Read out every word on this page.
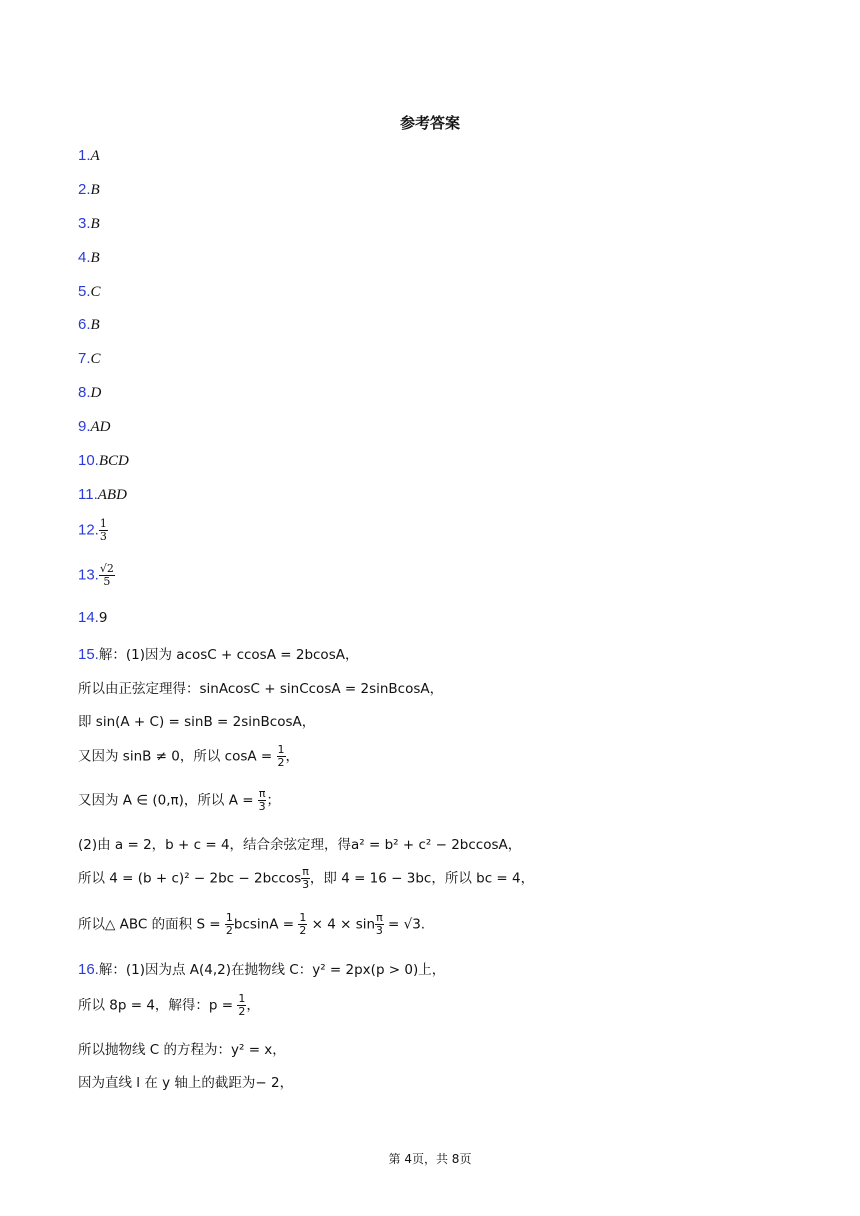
参考答案
1.A
2.B
3.B
4.B
5.C
6.B
7.C
8.D
9.AD
10.BCD
11.ABD
12. $\frac{1}{3}$
13. $\frac{√2}{5}$
14.9
15.解：(1)因为 acosC + ccosA = 2bcosA，
所以由正弦定理得：sinAcosC + sinCcosA = 2sinBcosA，
即 sin(A + C) = sinB = 2sinBcosA，
又因为 sinB ≠ 0，所以 $\cos A = \frac{1}{2}$ ，
又因为 A ∈ (0,π)，所以 $A = \frac{\pi}{3}$ ；
(2)由 a = 2，b + c = 4，结合余弦定理，得a² = b² + c² − 2bccosA，
所以 $4 = (b + c)^2 - 2bc - 2bccos \frac{\pi}{3}$ ，即 4 = 16 − 3bc，所以 bc = 4，
所以△ ABC 的面积 $S = \frac{1}{2}$ $bcsinA = \frac{1}{2} \times 4 \times \sin \frac{\pi}{3} = √3$.
16.解：(1)因为点 A(4,2)在抛物线 C：y² = 2px(p > 0)上，
所以 8p = 4，解得：$p = \frac{1}{2}$ ，
所以抛物线 C 的方程为：y² = x，
因为直线 l 在 y 轴上的截距为− 2，
第 4页，共 8页
